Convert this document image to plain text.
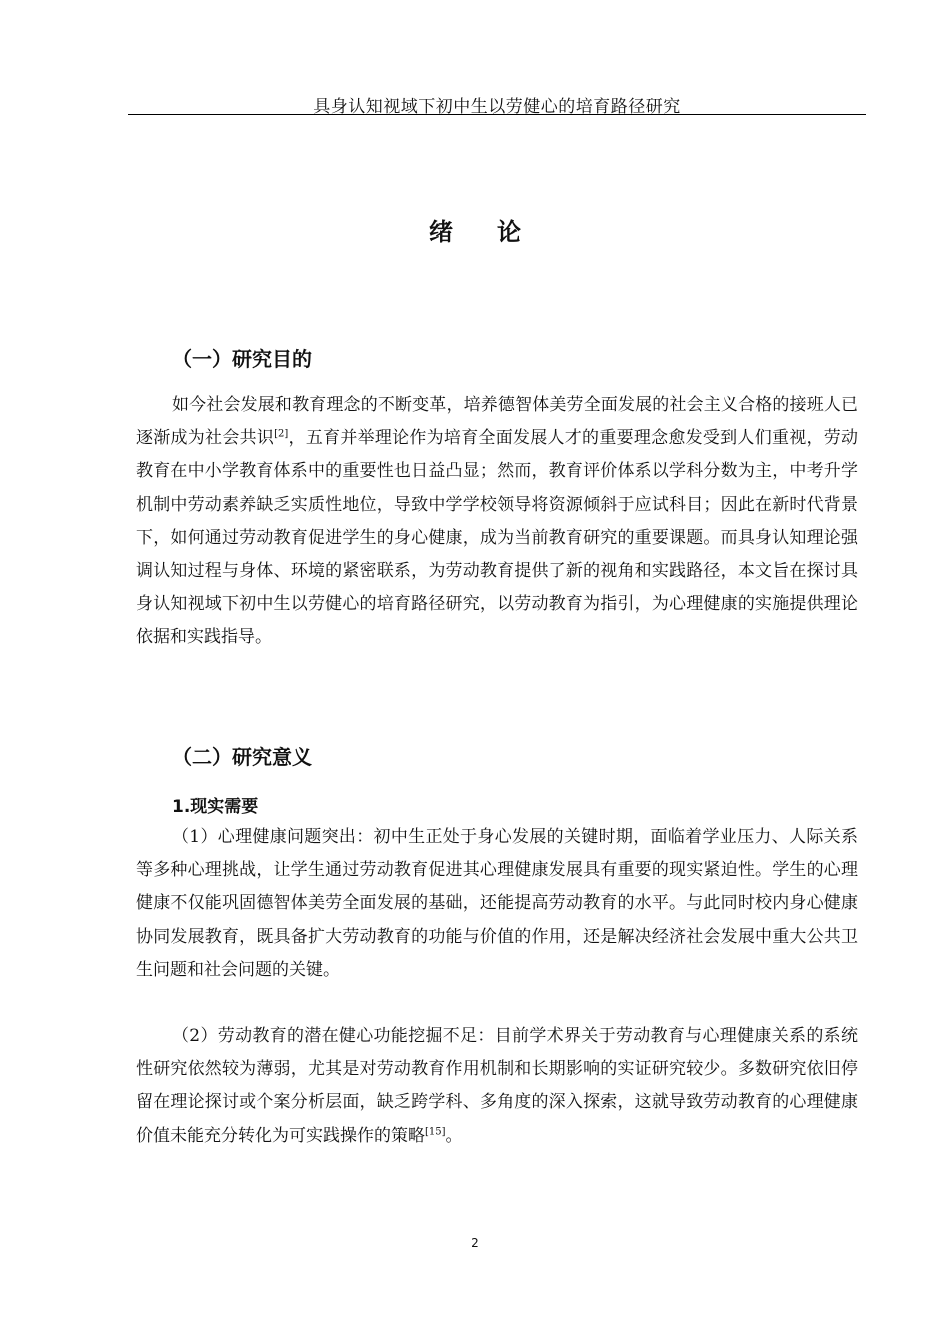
具身认知视域下初中生以劳健心的培育路径研究
绪 论
（一）研究目的

如今社会发展和教育理念的不断变革，培养德智体美劳全面发展的社会主义合格的接班人已逐渐成为社会共识[2]，五育并举理论作为培育全面发展人才的重要理念愈发受到人们重视，劳动教育在中小学教育体系中的重要性也日益凸显；然而，教育评价体系以学科分数为主，中考升学机制中劳动素养缺乏实质性地位，导致中学学校领导将资源倾斜于应试科目；因此在新时代背景下，如何通过劳动教育促进学生的身心健康，成为当前教育研究的重要课题。而具身认知理论强调认知过程与身体、环境的紧密联系，为劳动教育提供了新的视角和实践路径，本文旨在探讨具身认知视域下初中生以劳健心的培育路径研究，以劳动教育为指引，为心理健康的实施提供理论依据和实践指导。

（二）研究意义
1.现实需要

（1）心理健康问题突出：初中生正处于身心发展的关键时期，面临着学业压力、人际关系等多种心理挑战，让学生通过劳动教育促进其心理健康发展具有重要的现实紧迫性。学生的心理健康不仅能巩固德智体美劳全面发展的基础，还能提高劳动教育的水平。与此同时校内身心健康协同发展教育，既具备扩大劳动教育的功能与价值的作用，还是解决经济社会发展中重大公共卫生问题和社会问题的关键。

（2）劳动教育的潜在健心功能挖掘不足：目前学术界关于劳动教育与心理健康关系的系统性研究依然较为薄弱，尤其是对劳动教育作用机制和长期影响的实证研究较少。多数研究依旧停留在理论探讨或个案分析层面，缺乏跨学科、多角度的深入探索，这就导致劳动教育的心理健康价值未能充分转化为可实践操作的策略[15]。

2
